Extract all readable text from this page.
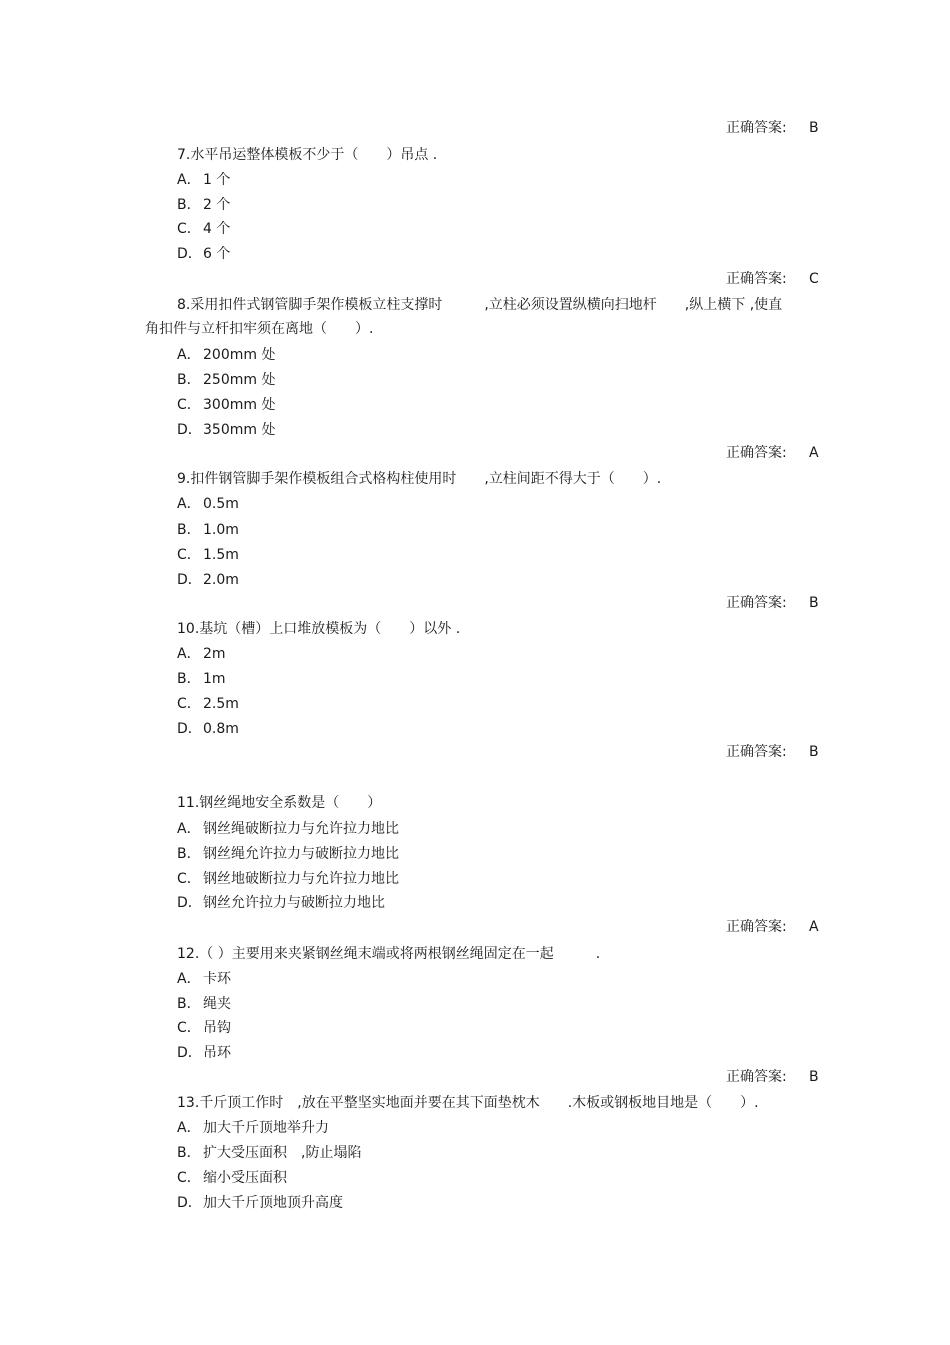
正确答案: B
7.水平吊运整体模板不少于（　　）吊点 .
A． 1 个
B． 2 个
C． 4 个
D．6 个
正确答案: C
8.采用扣件式钢管脚手架作模板立柱支撑时　　　,立柱必须设置纵横向扫地杆　　,纵上横下 ,使直
角扣件与立杆扣牢须在离地（　　）.
A． 200mm 处
B． 250mm 处
C． 300mm 处
D．350mm 处
正确答案: A
9.扣件钢管脚手架作模板组合式格构柱使用时　　,立柱间距不得大于（　　）.
A． 0.5m
B． 1.0m
C． 1.5m
D．2.0m
正确答案: B
10.基坑（槽）上口堆放模板为（　　）以外 .
A． 2m
B． 1m
C． 2.5m
D．0.8m
正确答案: B
11.钢丝绳地安全系数是（　　）
A． 钢丝绳破断拉力与允许拉力地比
B． 钢丝绳允许拉力与破断拉力地比
C． 钢丝地破断拉力与允许拉力地比
D．钢丝允许拉力与破断拉力地比
正确答案: A
12.（ ）主要用来夹紧钢丝绳末端或将两根钢丝绳固定在一起　　　.
A． 卡环
B． 绳夹
C． 吊钩
D．吊环
正确答案: B
13.千斤顶工作时　,放在平整坚实地面并要在其下面垫枕木　　.木板或钢板地目地是（　　）.
A． 加大千斤顶地举升力
B． 扩大受压面积　,防止塌陷
C． 缩小受压面积
D．加大千斤顶地顶升高度
